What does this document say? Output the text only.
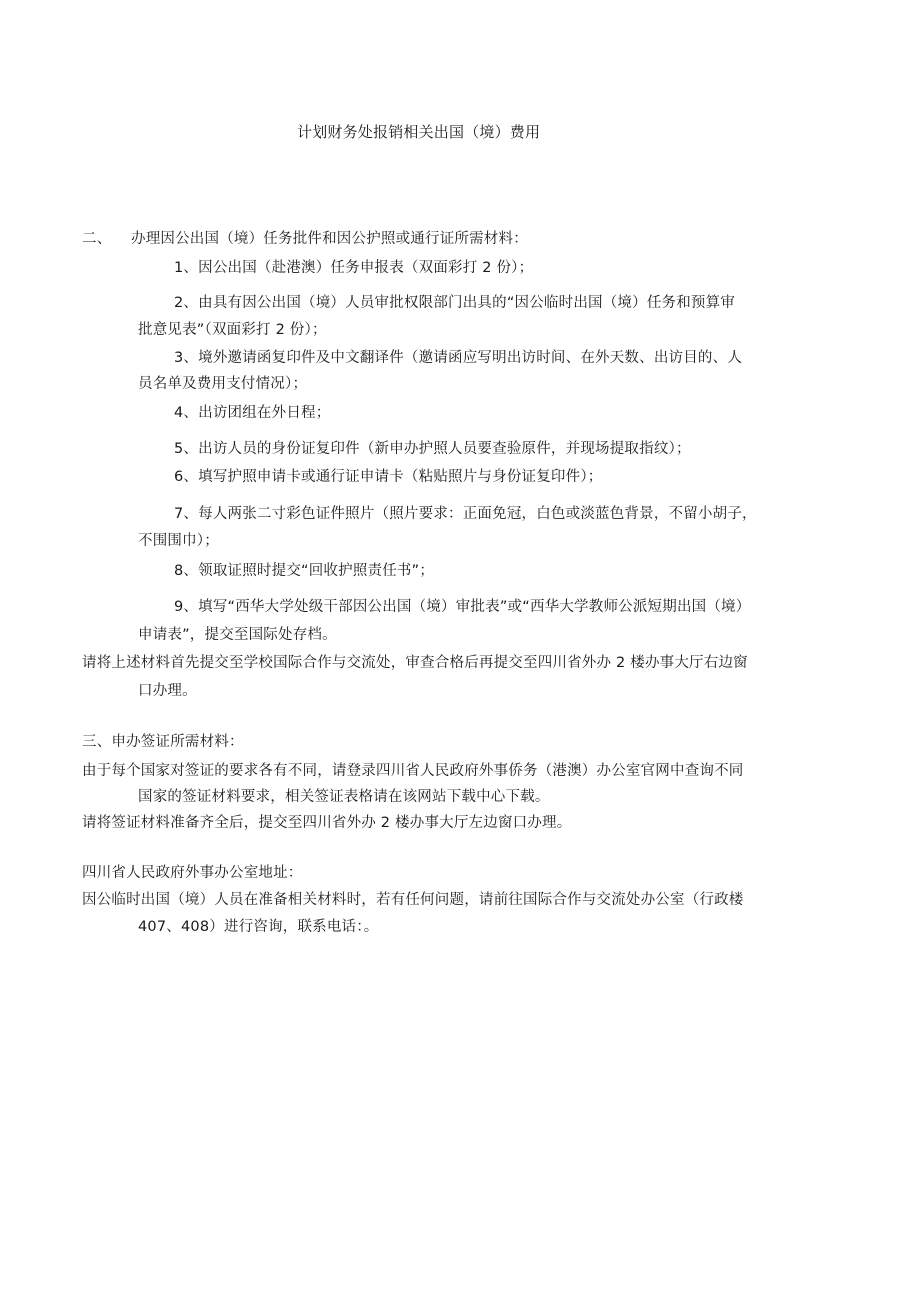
计划财务处报销相关出国（境）费用
二、 办理因公出国（境）任务批件和因公护照或通行证所需材料：
1、因公出国（赴港澳）任务申报表（双面彩打 2 份）；
2、由具有因公出国（境）人员审批权限部门出具的“因公临时出国（境）任务和预算审
批意见表”（双面彩打 2 份）；
3、境外邀请函复印件及中文翻译件（邀请函应写明出访时间、在外天数、出访目的、人
员名单及费用支付情况）；
4、出访团组在外日程；
5、出访人员的身份证复印件（新申办护照人员要查验原件，并现场提取指纹）；
6、填写护照申请卡或通行证申请卡（粘贴照片与身份证复印件）；
7、每人两张二寸彩色证件照片（照片要求：正面免冠，白色或淡蓝色背景，不留小胡子，
不围围巾）；
8、领取证照时提交“回收护照责任书”；
9、填写“西华大学处级干部因公出国（境）审批表”或“西华大学教师公派短期出国（境）
申请表”，提交至国际处存档。
请将上述材料首先提交至学校国际合作与交流处，审查合格后再提交至四川省外办 2 楼办事大厅右边窗
口办理。
三、申办签证所需材料：
由于每个国家对签证的要求各有不同，请登录四川省人民政府外事侨务（港澳）办公室官网中查询不同
国家的签证材料要求，相关签证表格请在该网站下载中心下载。
请将签证材料准备齐全后，提交至四川省外办 2 楼办事大厅左边窗口办理。
四川省人民政府外事办公室地址：
因公临时出国（境）人员在准备相关材料时，若有任何问题，请前往国际合作与交流处办公室（行政楼
407、408）进行咨询，联系电话：。
